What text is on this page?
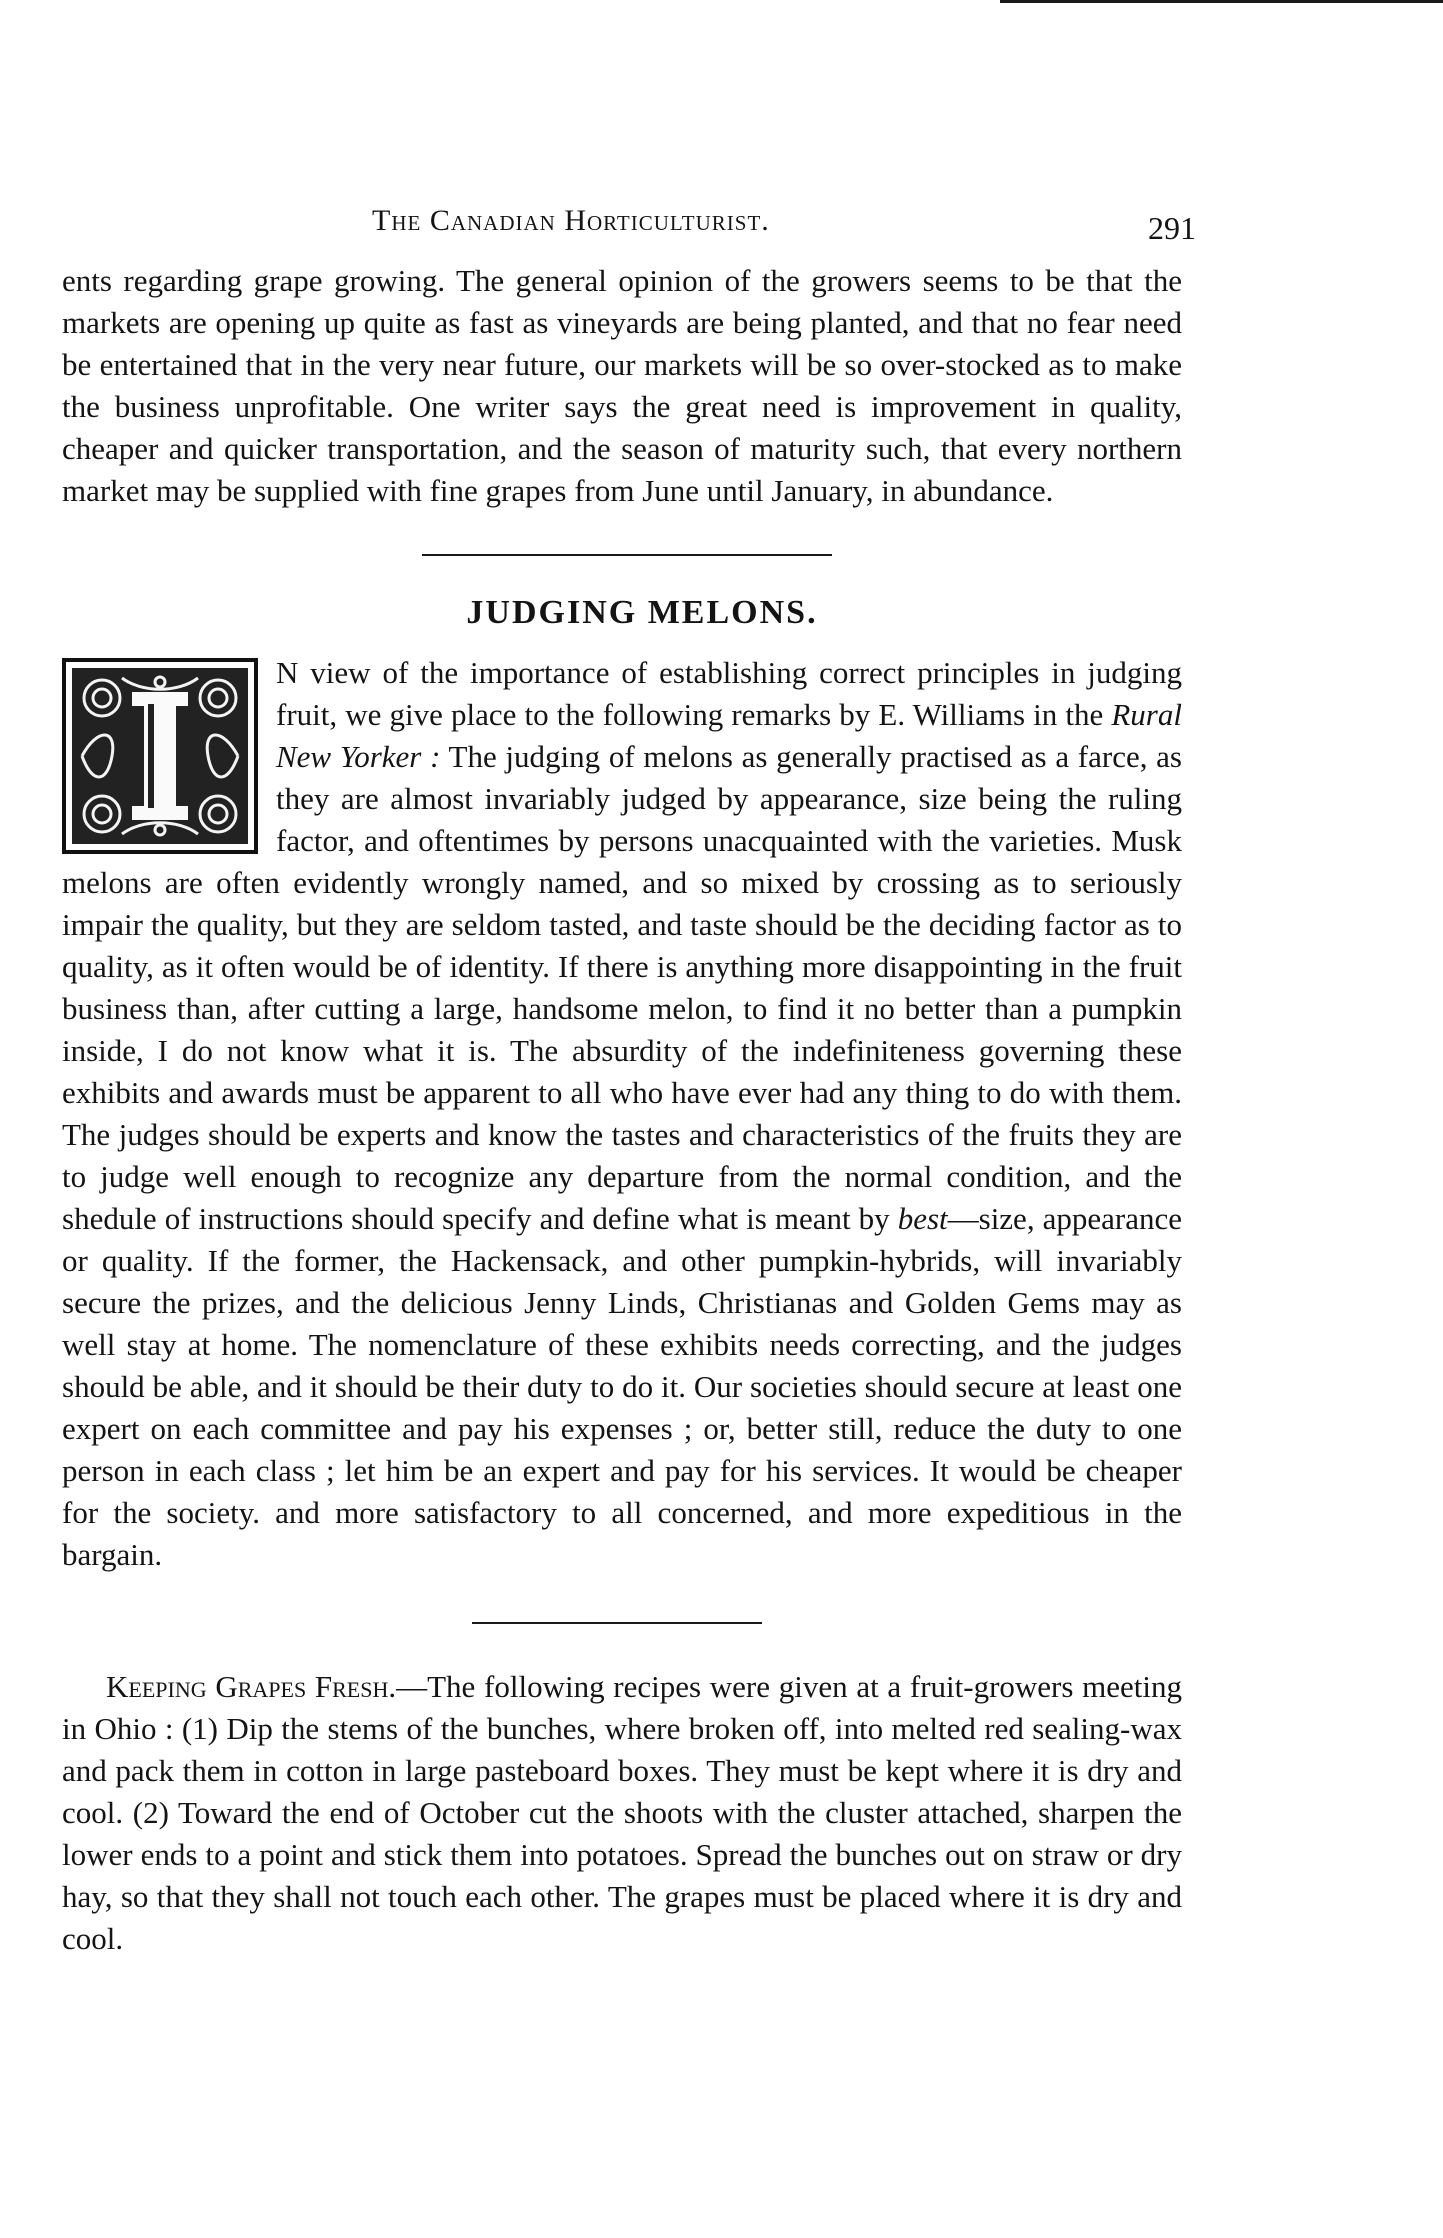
The Canadian Horticulturist.	291

ents regarding grape growing. The general opinion of the growers seems to be that the markets are opening up quite as fast as vineyards are being planted, and that no fear need be entertained that in the very near future, our markets will be so over-stocked as to make the business unprofitable. One writer says the great need is improvement in quality, cheaper and quicker transportation, and the season of maturity such, that every northern market may be supplied with fine grapes from June until January, in abundance.

JUDGING MELONS.

N view of the importance of establishing correct principles in judging fruit, we give place to the following remarks by E. Williams in the Rural New Yorker : The judging of melons as generally practised as a farce, as they are almost invariably judged by appearance, size being the ruling factor, and oftentimes by persons unacquainted with the varieties. Musk melons are often evidently wrongly named, and so mixed by crossing as to seriously impair the quality, but they are seldom tasted, and taste should be the deciding factor as to quality, as it often would be of identity. If there is anything more disappointing in the fruit business than, after cutting a large, handsome melon, to find it no better than a pumpkin inside, I do not know what it is. The absurdity of the indefiniteness governing these exhibits and awards must be apparent to all who have ever had any thing to do with them. The judges should be experts and know the tastes and characteristics of the fruits they are to judge well enough to recognize any departure from the normal condition, and the shedule of instructions should specify and define what is meant by best—size, appearance or quality. If the former, the Hackensack, and other pumpkin-hybrids, will invariably secure the prizes, and the delicious Jenny Linds, Christianas and Golden Gems may as well stay at home. The nomenclature of these exhibits needs correcting, and the judges should be able, and it should be their duty to do it. Our societies should secure at least one expert on each committee and pay his expenses ; or, better still, reduce the duty to one person in each class ; let him be an expert and pay for his services. It would be cheaper for the society. and more satisfactory to all concerned, and more expeditious in the bargain.

Keeping Grapes Fresh.—The following recipes were given at a fruit-growers meeting in Ohio : (1) Dip the stems of the bunches, where broken off, into melted red sealing-wax and pack them in cotton in large pasteboard boxes. They must be kept where it is dry and cool. (2) Toward the end of October cut the shoots with the cluster attached, sharpen the lower ends to a point and stick them into potatoes. Spread the bunches out on straw or dry hay, so that they shall not touch each other. The grapes must be placed where it is dry and cool.
